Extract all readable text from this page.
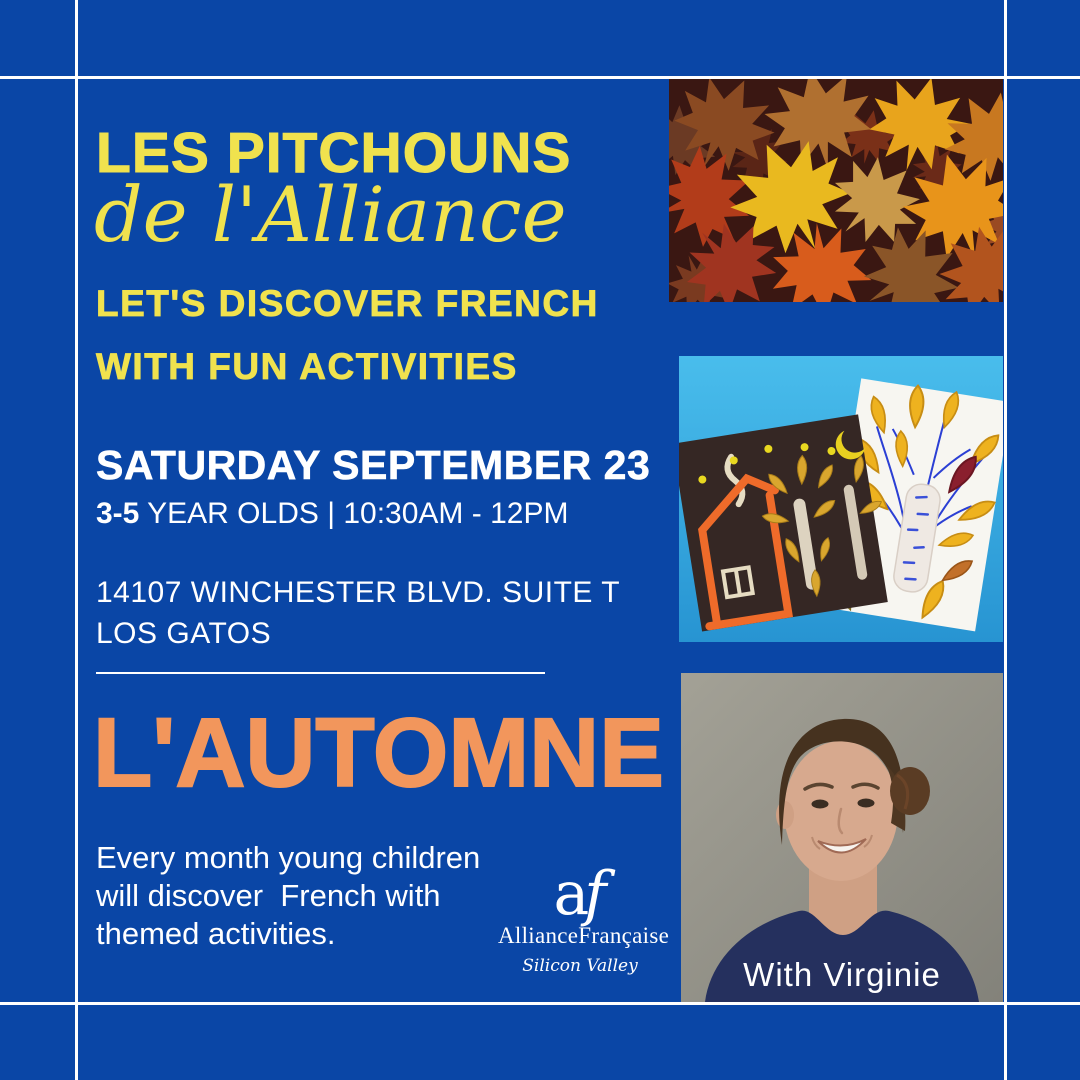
LES PITCHOUNS
de l'Alliance
LET'S DISCOVER FRENCH
WITH FUN ACTIVITIES
SATURDAY SEPTEMBER 23
3-5 YEAR OLDS | 10:30AM - 12PM
14107 WINCHESTER BLVD. SUITE T
LOS GATOS
L'AUTOMNE
Every month young children
will discover  French with
themed activities.
af
AllianceFrançaise
Silicon Valley	With Virginie
